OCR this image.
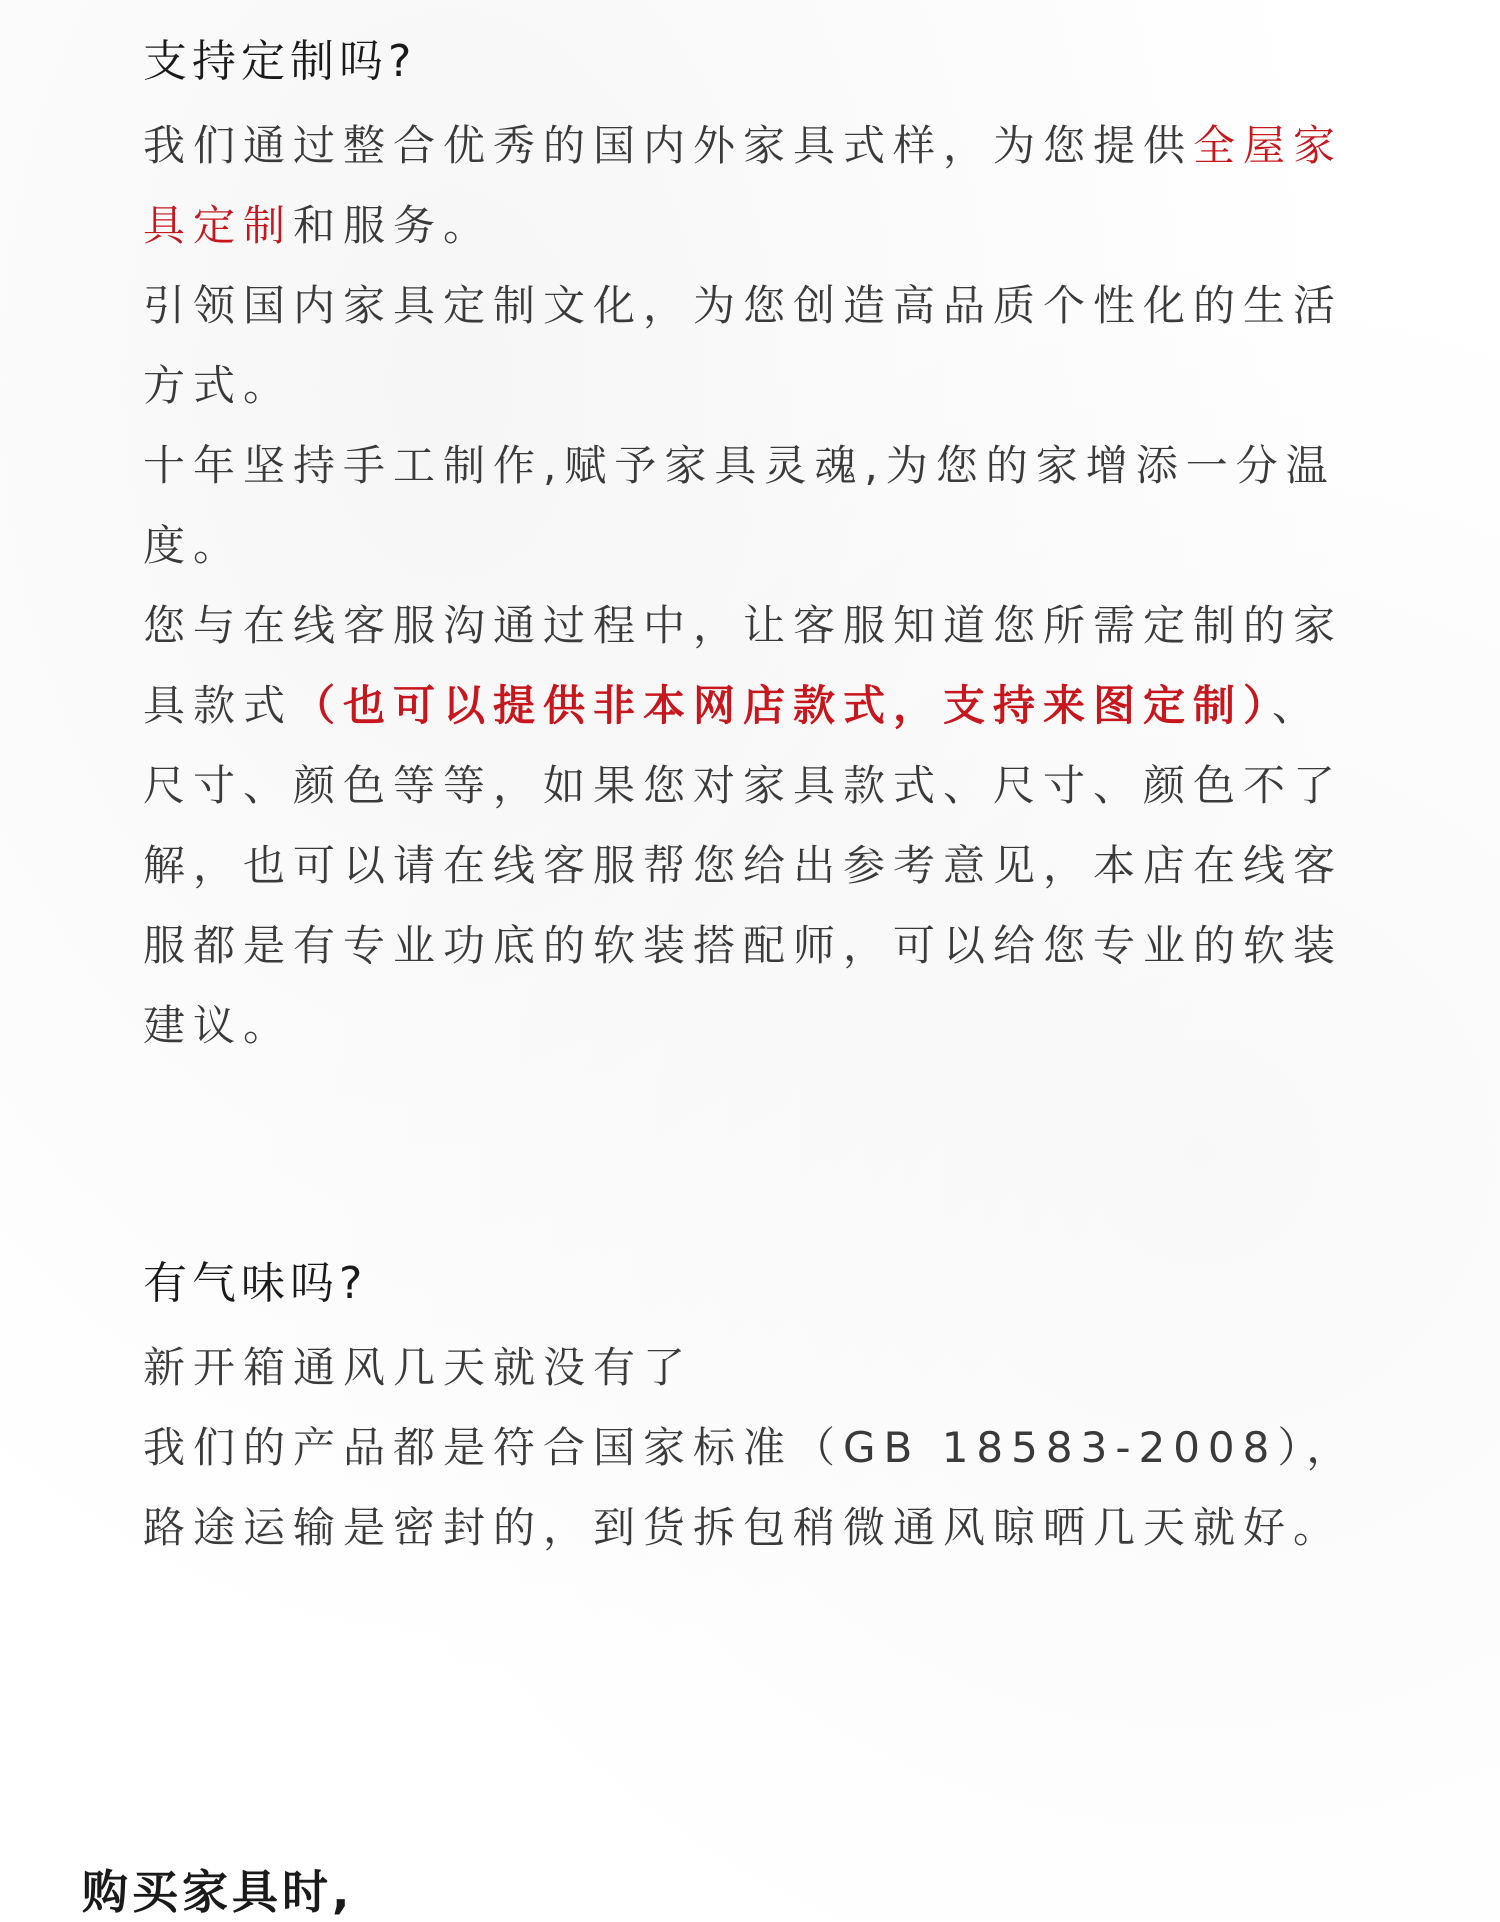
支持定制吗?

我们通过整合优秀的国内外家具式样，为您提供全屋家具定制和服务。

引领国内家具定制文化，为您创造高品质个性化的生活方式。

十年坚持手工制作,赋予家具灵魂,为您的家增添一分温度。

您与在线客服沟通过程中，让客服知道您所需定制的家具款式（也可以提供非本网店款式，支持来图定制）、尺寸、颜色等等，如果您对家具款式、尺寸、颜色不了解，也可以请在线客服帮您给出参考意见，本店在线客服都是有专业功底的软装搭配师，可以给您专业的软装建议。

有气味吗?

新开箱通风几天就没有了

我们的产品都是符合国家标准（GB 18583-2008），路途运输是密封的，到货拆包稍微通风晾晒几天就好。

购买家具时,
